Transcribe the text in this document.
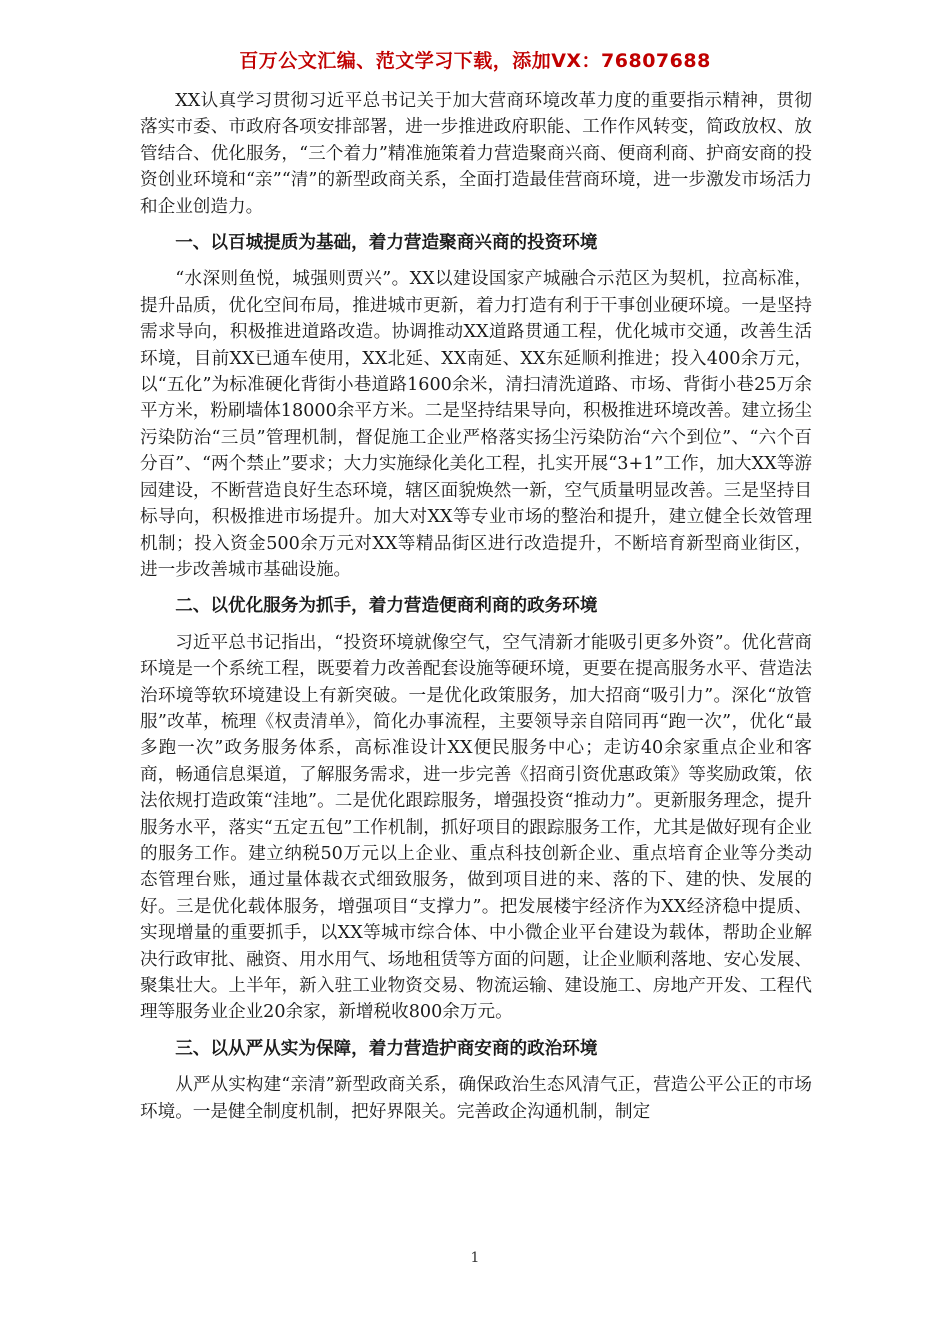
百万公文汇编、范文学习下载，添加VX：76807688

XX认真学习贯彻习近平总书记关于加大营商环境改革力度的重要指示精神，贯彻落实市委、市政府各项安排部署，进一步推进政府职能、工作作风转变，简政放权、放管结合、优化服务，“三个着力”精准施策着力营造聚商兴商、便商利商、护商安商的投资创业环境和“亲”“清”的新型政商关系，全面打造最佳营商环境，进一步激发市场活力和企业创造力。

一、以百城提质为基础，着力营造聚商兴商的投资环境

“水深则鱼悦，城强则贾兴”。XX以建设国家产城融合示范区为契机，拉高标准，提升品质，优化空间布局，推进城市更新，着力打造有利于干事创业硬环境。一是坚持需求导向，积极推进道路改造。协调推动XX道路贯通工程，优化城市交通，改善生活环境，目前XX已通车使用，XX北延、XX南延、XX东延顺利推进；投入400余万元，以“五化”为标准硬化背街小巷道路1600余米，清扫清洗道路、市场、背街小巷25万余平方米，粉刷墙体18000余平方米。二是坚持结果导向，积极推进环境改善。建立扬尘污染防治“三员”管理机制，督促施工企业严格落实扬尘污染防治“六个到位”、“六个百分百”、“两个禁止”要求；大力实施绿化美化工程，扎实开展“3+1”工作，加大XX等游园建设，不断营造良好生态环境，辖区面貌焕然一新，空气质量明显改善。三是坚持目标导向，积极推进市场提升。加大对XX等专业市场的整治和提升，建立健全长效管理机制；投入资金500余万元对XX等精品街区进行改造提升，不断培育新型商业街区，进一步改善城市基础设施。

二、以优化服务为抓手，着力营造便商利商的政务环境

习近平总书记指出，“投资环境就像空气，空气清新才能吸引更多外资”。优化营商环境是一个系统工程，既要着力改善配套设施等硬环境，更要在提高服务水平、营造法治环境等软环境建设上有新突破。一是优化政策服务，加大招商“吸引力”。深化“放管服”改革，梳理《权责清单》，简化办事流程，主要领导亲自陪同再“跑一次”，优化“最多跑一次”政务服务体系，高标准设计XX便民服务中心；走访40余家重点企业和客商，畅通信息渠道，了解服务需求，进一步完善《招商引资优惠政策》等奖励政策，依法依规打造政策“洼地”。二是优化跟踪服务，增强投资“推动力”。更新服务理念，提升服务水平，落实“五定五包”工作机制，抓好项目的跟踪服务工作，尤其是做好现有企业的服务工作。建立纳税50万元以上企业、重点科技创新企业、重点培育企业等分类动态管理台账，通过量体裁衣式细致服务，做到项目进的来、落的下、建的快、发展的好。三是优化载体服务，增强项目“支撑力”。把发展楼宇经济作为XX经济稳中提质、实现增量的重要抓手，以XX等城市综合体、中小微企业平台建设为载体，帮助企业解决行政审批、融资、用水用气、场地租赁等方面的问题，让企业顺利落地、安心发展、聚集壮大。上半年，新入驻工业物资交易、物流运输、建设施工、房地产开发、工程代理等服务业企业20余家，新增税收800余万元。

三、以从严从实为保障，着力营造护商安商的政治环境

从严从实构建“亲清”新型政商关系，确保政治生态风清气正，营造公平公正的市场环境。一是健全制度机制，把好界限关。完善政企沟通机制，制定

1
